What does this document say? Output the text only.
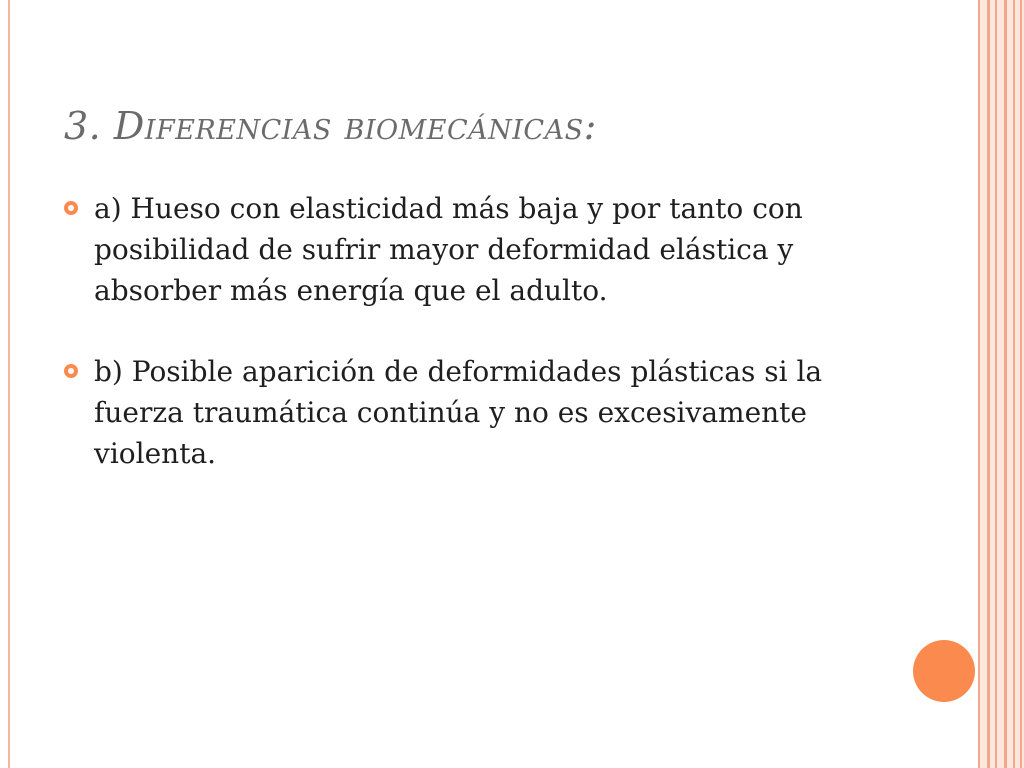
3. Diferencias biomecánicas:
a) Hueso con elasticidad más baja y por tanto con posibilidad de sufrir mayor deformidad elástica y absorber más energía que el adulto.
b) Posible aparición de deformidades plásticas si la fuerza traumática continúa y no es excesivamente violenta.
